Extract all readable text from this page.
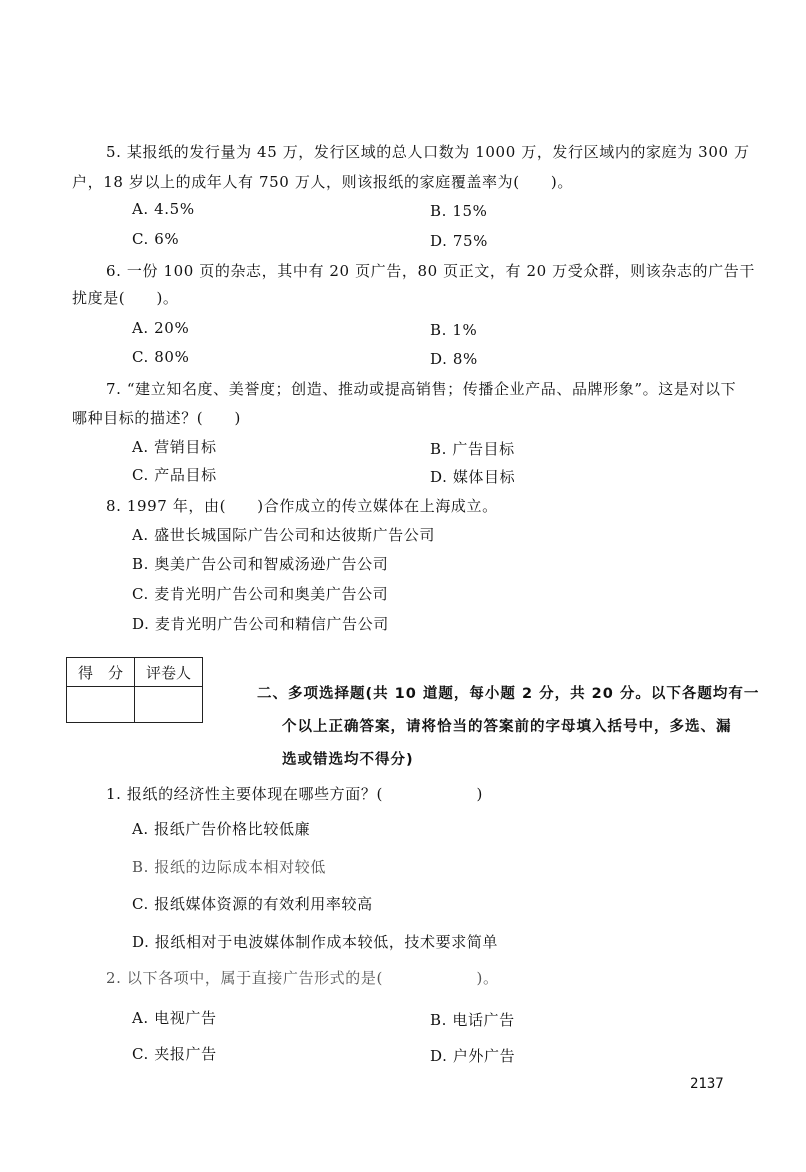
5. 某报纸的发行量为 45 万，发行区域的总人口数为 1000 万，发行区域内的家庭为 300 万
户，18 岁以上的成年人有 750 万人，则该报纸的家庭覆盖率为(　　)。
A. 4.5%	B. 15%
C. 6%	D. 75%
6. 一份 100 页的杂志，其中有 20 页广告，80 页正文，有 20 万受众群，则该杂志的广告干
扰度是(　　)。
A. 20%	B. 1%
C. 80%	D. 8%
7. “建立知名度、美誉度；创造、推动或提高销售；传播企业产品、品牌形象”。这是对以下
哪种目标的描述？(　　)
A. 营销目标	B. 广告目标
C. 产品目标	D. 媒体目标
8. 1997 年，由(　　)合作成立的传立媒体在上海成立。
A. 盛世长城国际广告公司和达彼斯广告公司
B. 奥美广告公司和智威汤逊广告公司
C. 麦肯光明广告公司和奥美广告公司
D. 麦肯光明广告公司和精信广告公司
得　分	评卷人

二、多项选择题(共 10 道题，每小题 2 分，共 20 分。以下各题均有一
个以上正确答案，请将恰当的答案前的字母填入括号中，多选、漏
选或错选均不得分)
1. 报纸的经济性主要体现在哪些方面？(　　　　　　)
A. 报纸广告价格比较低廉
B. 报纸的边际成本相对较低
C. 报纸媒体资源的有效利用率较高
D. 报纸相对于电波媒体制作成本较低，技术要求简单
2. 以下各项中，属于直接广告形式的是(　　　　　　)。
A. 电视广告	B. 电话广告
C. 夹报广告	D. 户外广告
2137
